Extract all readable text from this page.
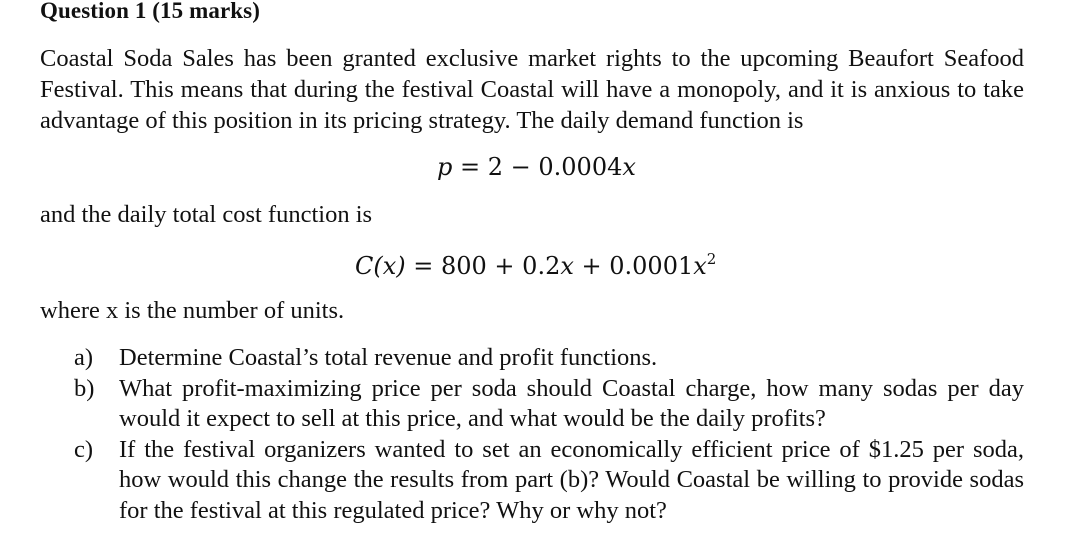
Question 1 (15 marks)
Coastal Soda Sales has been granted exclusive market rights to the upcoming Beaufort Seafood Festival. This means that during the festival Coastal will have a monopoly, and it is anxious to take advantage of this position in its pricing strategy. The daily demand function is
p = 2 − 0.0004x
and the daily total cost function is
$C(x) = 800 + 0.2x + 0.0001x^2$
where x is the number of units.
a)	Determine Coastal’s total revenue and profit functions.
b)	What profit-maximizing price per soda should Coastal charge, how many sodas per day would it expect to sell at this price, and what would be the daily profits?
c)	If the festival organizers wanted to set an economically efficient price of $1.25 per soda, how would this change the results from part (b)? Would Coastal be willing to provide sodas for the festival at this regulated price? Why or why not?
